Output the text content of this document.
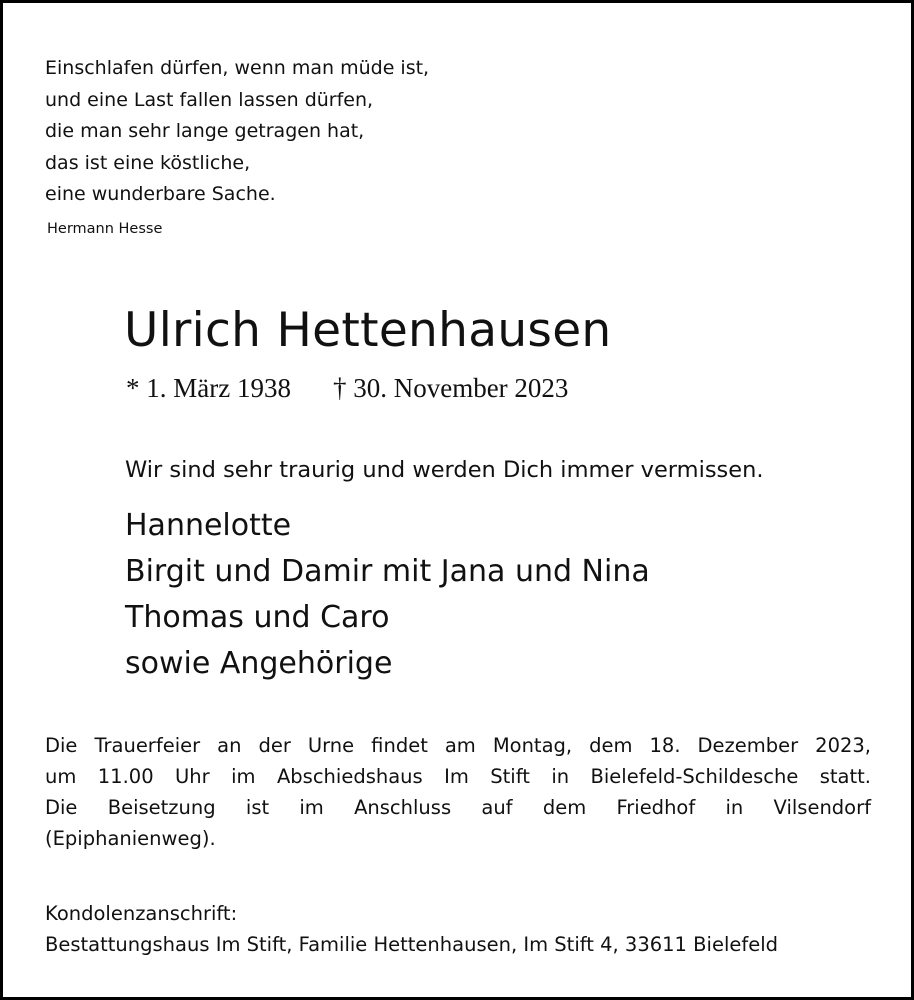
Einschlafen dürfen, wenn man müde ist,
und eine Last fallen lassen dürfen,
die man sehr lange getragen hat,
das ist eine köstliche,
eine wunderbare Sache.
Hermann Hesse
Ulrich Hettenhausen
* 1. März 1938 † 30. November 2023
Wir sind sehr traurig und werden Dich immer vermissen.
Hannelotte
Birgit und Damir mit Jana und Nina
Thomas und Caro
sowie Angehörige
Die Trauerfeier an der Urne findet am Montag, dem 18. Dezember 2023,
um 11.00 Uhr im Abschiedshaus Im Stift in Bielefeld-Schildesche statt.
Die Beisetzung ist im Anschluss auf dem Friedhof in Vilsendorf
(Epiphanienweg).
Kondolenzanschrift:
Bestattungshaus Im Stift, Familie Hettenhausen, Im Stift 4, 33611 Bielefeld
